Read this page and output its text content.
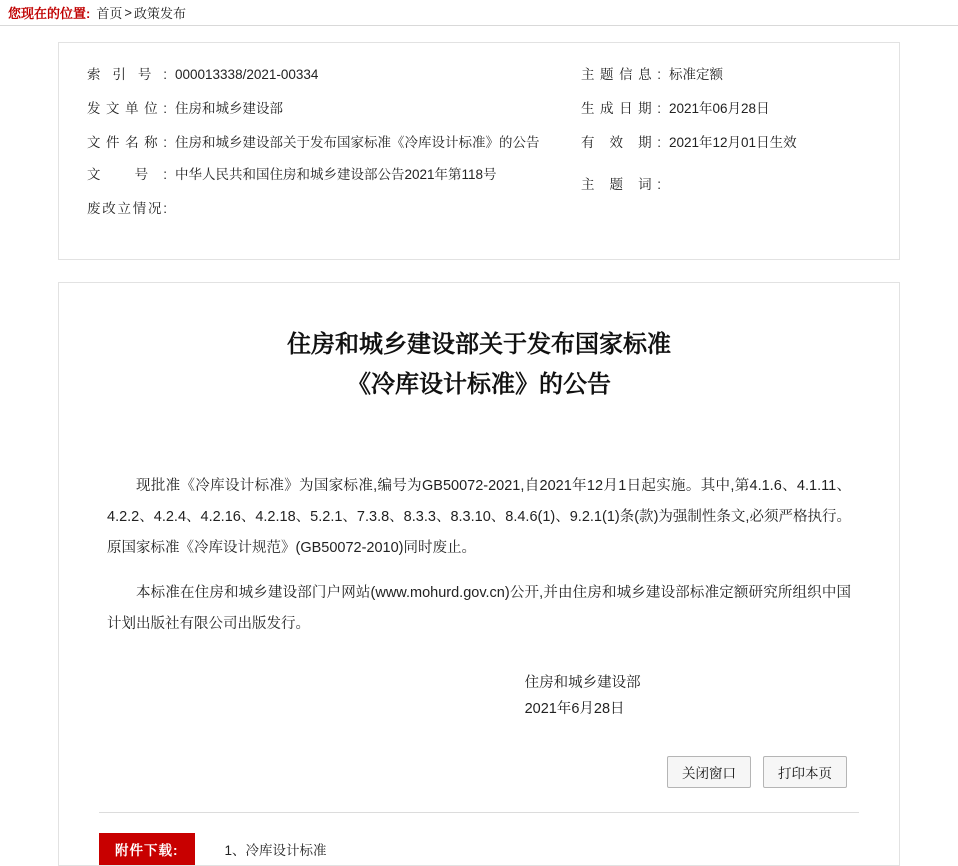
您现在的位置: 首页 > 政策发布
索引号: 000013338/2021-00334
发文单位: 住房和城乡建设部
文件名称: 住房和城乡建设部关于发布国家标准《冷库设计标准》的公告
文 号: 中华人民共和国住房和城乡建设部公告2021年第118号
废改立情况:
主题信息: 标准定额
生成日期: 2021年06月28日
有 效 期: 2021年12月01日生效
主 题 词:
住房和城乡建设部关于发布国家标准
《冷库设计标准》的公告

现批准《冷库设计标准》为国家标准,编号为GB50072-2021,自2021年12月1日起实施。其中,第4.1.6、4.1.11、4.2.2、4.2.4、4.2.16、4.2.18、5.2.1、7.3.8、8.3.3、8.3.10、8.4.6(1)、9.2.1(1)条(款)为强制性条文,必须严格执行。原国家标准《冷库设计规范》(GB50072-2010)同时废止。

本标准在住房和城乡建设部门户网站(www.mohurd.gov.cn)公开,并由住房和城乡建设部标准定额研究所组织中国计划出版社有限公司出版发行。

住房和城乡建设部
2021年6月28日
关闭窗口	打印本页
附件下载:	1、冷库设计标准
